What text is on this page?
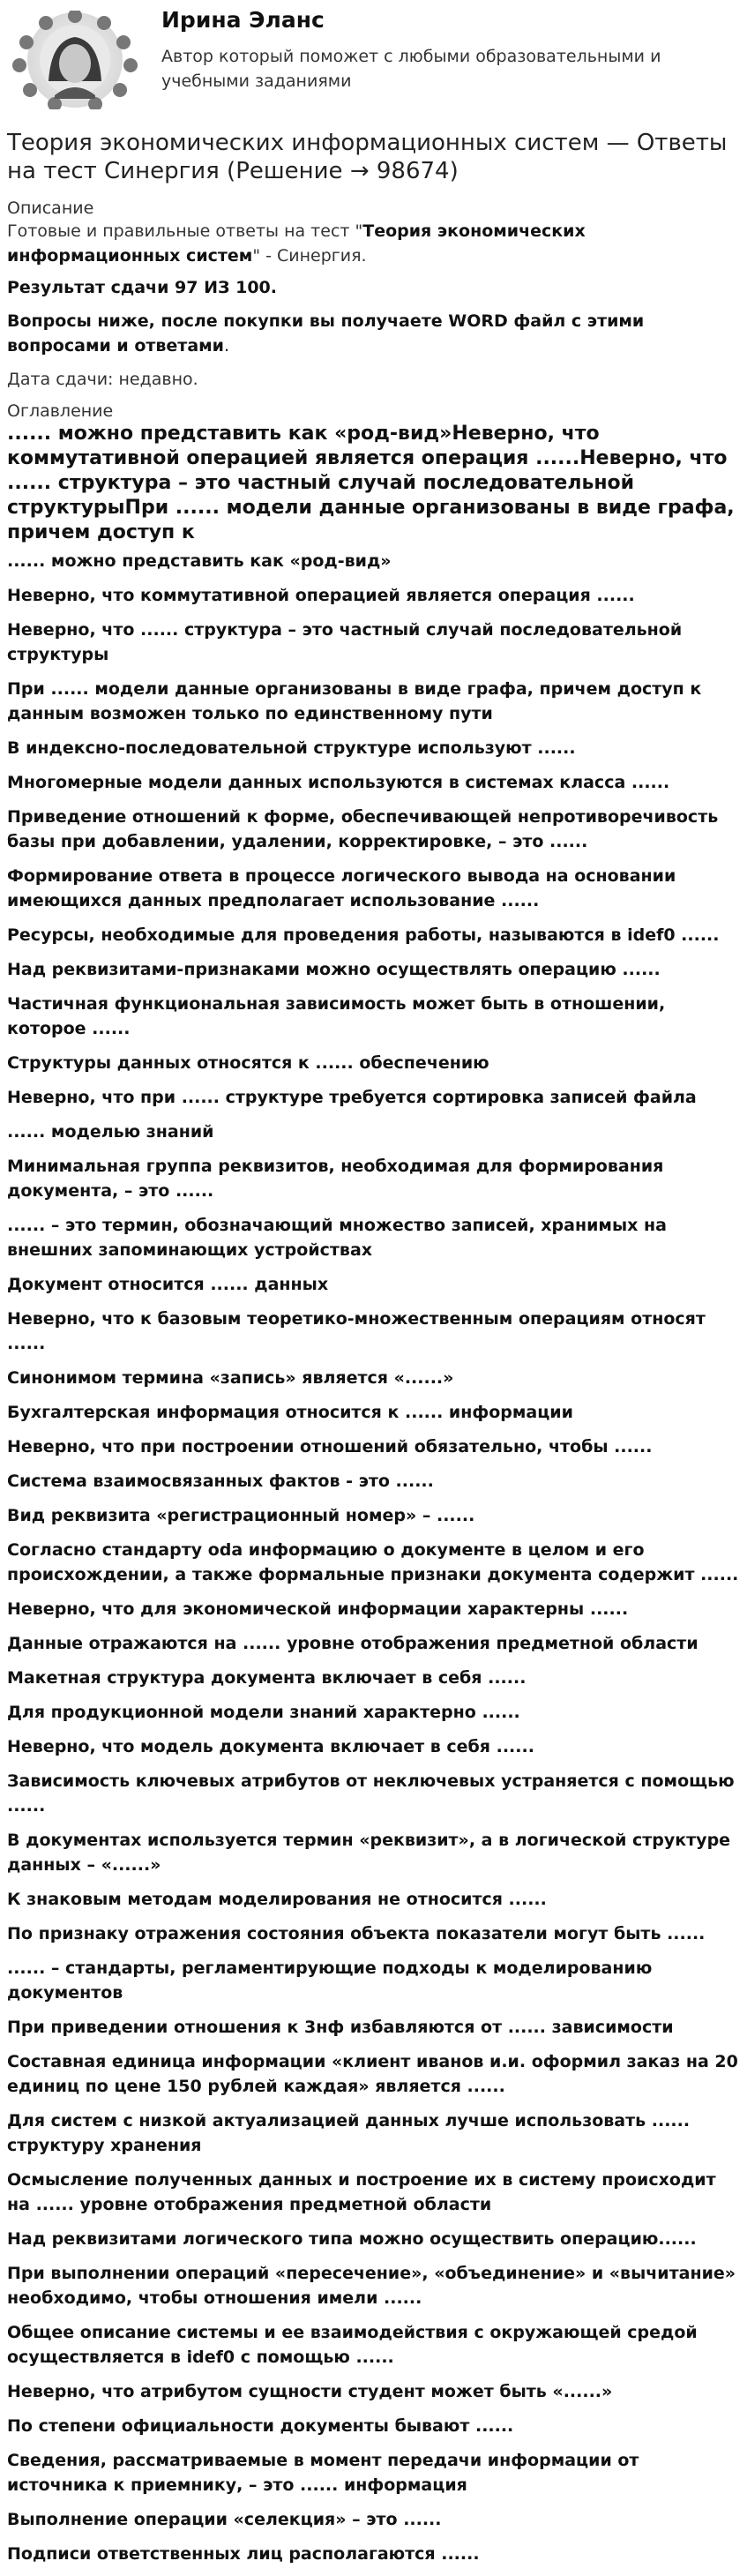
Ирина Эланс
Автор который поможет с любыми образовательными и учебными заданиями
Теория экономических информационных систем — Ответы на тест Синергия (Решение → 98674)

Описание

Готовые и правильные ответы на тест "Теория экономических информационных систем" - Синергия.

Результат сдачи 97 ИЗ 100.

Вопросы ниже, после покупки вы получаете WORD файл с этими вопросами и ответами.

Дата сдачи: недавно.

Оглавление

...... можно представить как «род-вид»Неверно, что коммутативной операцией является операция ......Неверно, что ...... структура – это частный случай последовательной структурыПри ...... модели данные организованы в виде графа, причем доступ к

...... можно представить как «род-вид»

Неверно, что коммутативной операцией является операция ......

Неверно, что ...... структура – это частный случай последовательной структуры

При ...... модели данные организованы в виде графа, причем доступ к данным возможен только по единственному пути

В индексно-последовательной структуре используют ......

Многомерные модели данных используются в системах класса ......

Приведение отношений к форме, обеспечивающей непротиворечивость базы при добавлении, удалении, корректировке, – это ......

Формирование ответа в процессе логического вывода на основании имеющихся данных предполагает использование ......

Ресурсы, необходимые для проведения работы, называются в idef0 ......

Над реквизитами-признаками можно осуществлять операцию ......

Частичная функциональная зависимость может быть в отношении, которое ......

Структуры данных относятся к ...... обеспечению

Неверно, что при ...... структуре требуется сортировка записей файла

...... моделью знаний

Минимальная группа реквизитов, необходимая для формирования документа, – это ......

...... – это термин, обозначающий множество записей, хранимых на внешних запоминающих устройствах

Документ относится ...... данных

Неверно, что к базовым теоретико-множественным операциям относят ......

Синонимом термина «запись» является «......»

Бухгалтерская информация относится к ...... информации

Неверно, что при построении отношений обязательно, чтобы ......

Система взаимосвязанных фактов - это ......

Вид реквизита «регистрационный номер» – ......

Согласно стандарту oda информацию о документе в целом и его происхождении, а также формальные признаки документа содержит ......

Неверно, что для экономической информации характерны ......

Данные отражаются на ...... уровне отображения предметной области

Макетная структура документа включает в себя ......

Для продукционной модели знаний характерно ......

Неверно, что модель документа включает в себя ......

Зависимость ключевых атрибутов от неключевых устраняется с помощью ......

В документах используется термин «реквизит», а в логической структуре данных – «......»

К знаковым методам моделирования не относится ......

По признаку отражения состояния объекта показатели могут быть ......

...... – стандарты, регламентирующие подходы к моделированию документов

При приведении отношения к 3нф избавляются от ...... зависимости

Составная единица информации «клиент иванов и.и. оформил заказ на 20 единиц по цене 150 рублей каждая» является ......

Для систем с низкой актуализацией данных лучше использовать ...... структуру хранения

Осмысление полученных данных и построение их в систему происходит на ...... уровне отображения предметной области

Над реквизитами логического типа можно осуществить операцию......

При выполнении операций «пересечение», «объединение» и «вычитание» необходимо, чтобы отношения имели ......

Общее описание системы и ее взаимодействия с окружающей средой осуществляется в idef0 с помощью ......

Неверно, что атрибутом сущности студент может быть «......»

По степени официальности документы бывают ......

Сведения, рассматриваемые в момент передачи информации от источника к приемнику, – это ...... информация

Выполнение операции «селекция» – это ......

Подписи ответственных лиц располагаются ......
